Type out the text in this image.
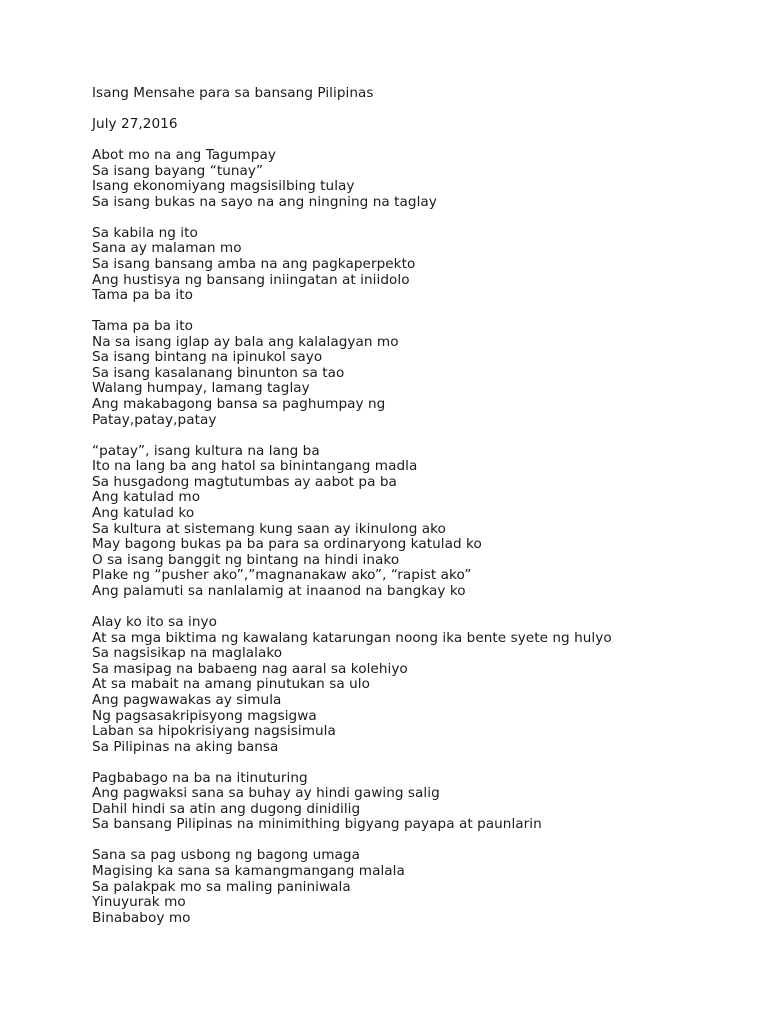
Isang Mensahe para sa bansang Pilipinas
July 27,2016
Abot mo na ang Tagumpay
Sa isang bayang “tunay”
Isang ekonomiyang magsisilbing tulay
Sa isang bukas na sayo na ang ningning na taglay
Sa kabila ng ito
Sana ay malaman mo
Sa isang bansang amba na ang pagkaperpekto
Ang hustisya ng bansang iniingatan at iniidolo
Tama pa ba ito
Tama pa ba ito
Na sa isang iglap ay bala ang kalalagyan mo
Sa isang bintang na ipinukol sayo
Sa isang kasalanang binunton sa tao
Walang humpay, lamang taglay
Ang makabagong bansa sa paghumpay ng
Patay,patay,patay
“patay”, isang kultura na lang ba
Ito na lang ba ang hatol sa binintangang madla
Sa husgadong magtutumbas ay aabot pa ba
Ang katulad mo
Ang katulad ko
Sa kultura at sistemang kung saan ay ikinulong ako
May bagong bukas pa ba para sa ordinaryong katulad ko
O sa isang banggit ng bintang na hindi inako
Plake ng “pusher ako”,”magnanakaw ako”, “rapist ako”
Ang palamuti sa nanlalamig at inaanod na bangkay ko
Alay ko ito sa inyo
At sa mga biktima ng kawalang katarungan noong ika bente syete ng hulyo
Sa nagsisikap na maglalako
Sa masipag na babaeng nag aaral sa kolehiyo
At sa mabait na amang pinutukan sa ulo
Ang pagwawakas ay simula
Ng pagsasakripisyong magsigwa
Laban sa hipokrisiyang nagsisimula
Sa Pilipinas na aking bansa
Pagbabago na ba na itinuturing
Ang pagwaksi sana sa buhay ay hindi gawing salig
Dahil hindi sa atin ang dugong dinidilig
Sa bansang Pilipinas na minimithing bigyang payapa at paunlarin
Sana sa pag usbong ng bagong umaga
Magising ka sana sa kamangmangang malala
Sa palakpak mo sa maling paniniwala
Yinuyurak mo
Binababoy mo
